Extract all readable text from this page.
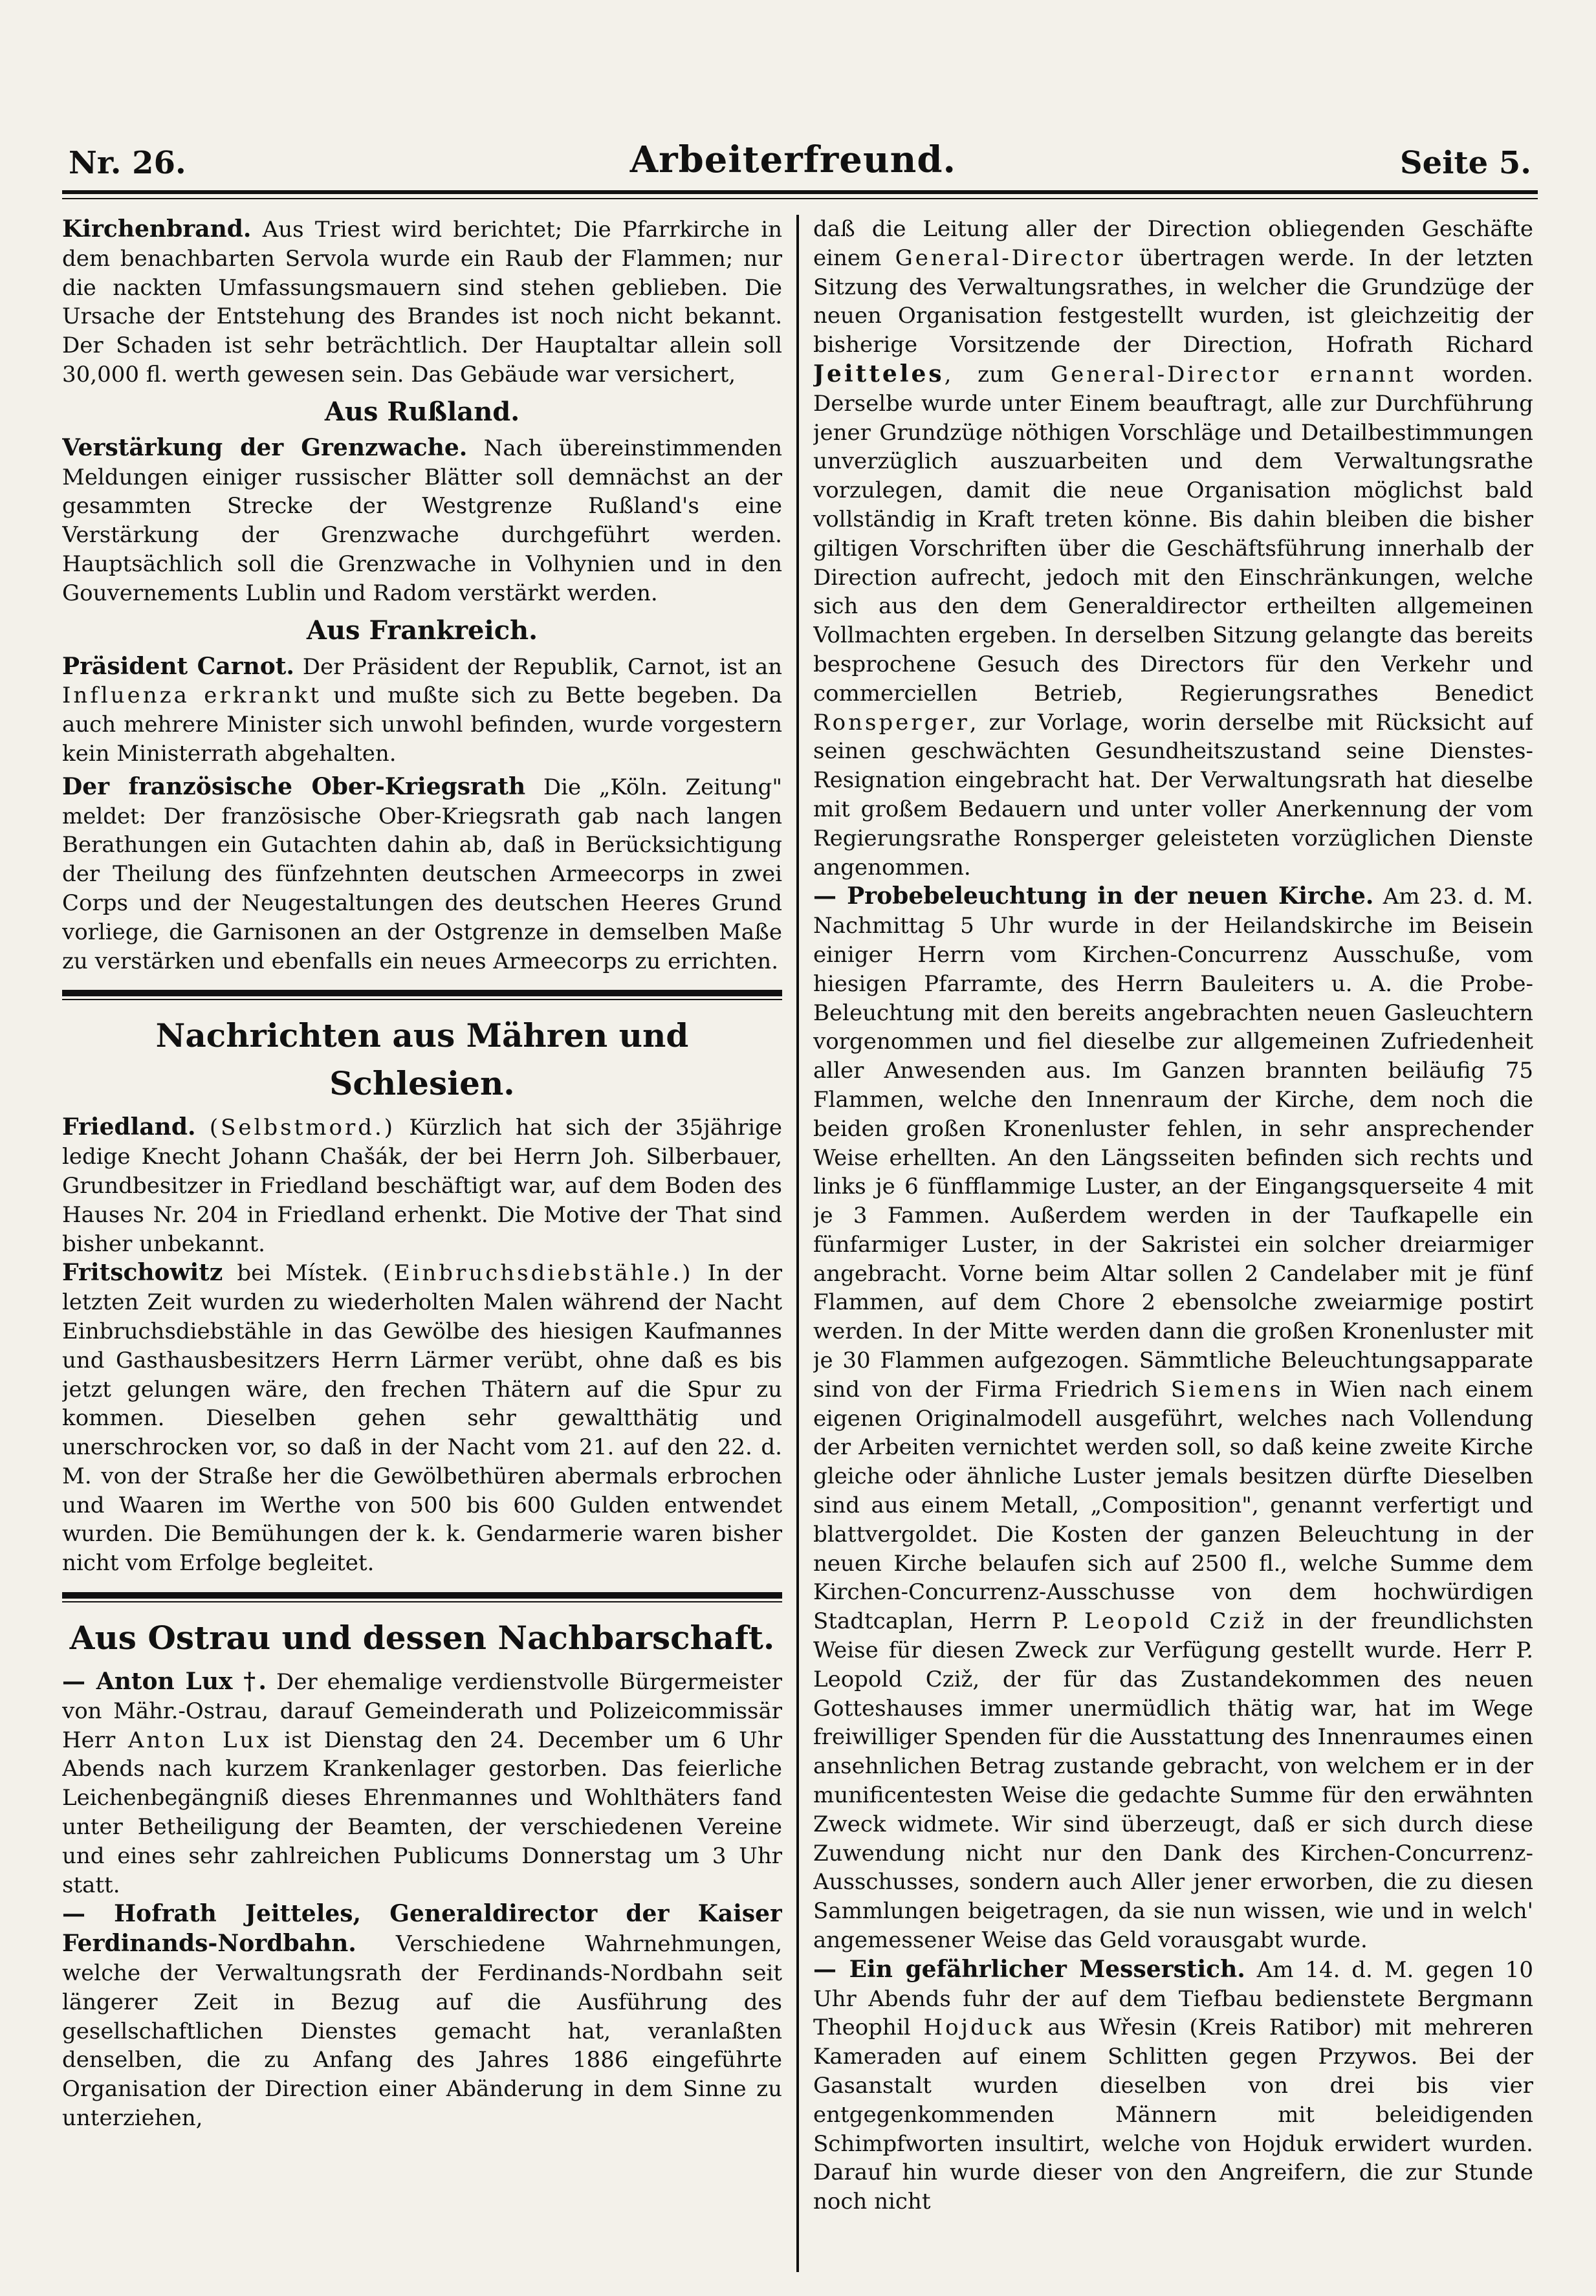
Nr. 26.	Arbeiterfreund.	Seite 5.

Kirchenbrand. Aus Triest wird berichtet; Die Pfarrkirche in dem benachbarten Servola wurde ein Raub der Flammen; nur die nackten Umfassungsmauern sind stehen geblieben. Die Ursache der Entstehung des Brandes ist noch nicht bekannt. Der Schaden ist sehr beträchtlich. Der Hauptaltar allein soll 30,000 fl. werth gewesen sein. Das Gebäude war versichert,

Aus Rußland.

Verstärkung der Grenzwache. Nach übereinstimmenden Meldungen einiger russischer Blätter soll demnächst an der gesammten Strecke der Westgrenze Rußland's eine Verstärkung der Grenzwache durchgeführt werden. Hauptsächlich soll die Grenzwache in Volhynien und in den Gouvernements Lublin und Radom verstärkt werden.

Aus Frankreich.

Präsident Carnot. Der Präsident der Republik, Carnot, ist an Influenza erkrankt und mußte sich zu Bette begeben. Da auch mehrere Minister sich unwohl befinden, wurde vorgestern kein Ministerrath abgehalten.

Der französische Ober-Kriegsrath Die „Köln. Zeitung" meldet: Der französische Ober-Kriegsrath gab nach langen Berathungen ein Gutachten dahin ab, daß in Berücksichtigung der Theilung des fünfzehnten deutschen Armeecorps in zwei Corps und der Neugestaltungen des deutschen Heeres Grund vorliege, die Garnisonen an der Ostgrenze in demselben Maße zu verstärken und ebenfalls ein neues Armeecorps zu errichten.

Nachrichten aus Mähren und Schlesien.

Friedland. (Selbstmord.) Kürzlich hat sich der 35jährige ledige Knecht Johann Chašák, der bei Herrn Joh. Silberbauer, Grundbesitzer in Friedland beschäftigt war, auf dem Boden des Hauses Nr. 204 in Friedland erhenkt. Die Motive der That sind bisher unbekannt.

Fritschowitz bei Místek. (Einbruchsdiebstähle.) In der letzten Zeit wurden zu wiederholten Malen während der Nacht Einbruchsdiebstähle in das Gewölbe des hiesigen Kaufmannes und Gasthausbesitzers Herrn Lärmer verübt, ohne daß es bis jetzt gelungen wäre, den frechen Thätern auf die Spur zu kommen. Dieselben gehen sehr gewaltthätig und unerschrocken vor, so daß in der Nacht vom 21. auf den 22. d. M. von der Straße her die Gewölbethüren abermals erbrochen und Waaren im Werthe von 500 bis 600 Gulden entwendet wurden. Die Bemühungen der k. k. Gendarmerie waren bisher nicht vom Erfolge begleitet.

Aus Ostrau und dessen Nachbarschaft.

— Anton Lux †. Der ehemalige verdienstvolle Bürgermeister von Mähr.-Ostrau, darauf Gemeinderath und Polizeicommissär Herr Anton Lux ist Dienstag den 24. December um 6 Uhr Abends nach kurzem Krankenlager gestorben. Das feierliche Leichenbegängniß dieses Ehrenmannes und Wohlthäters fand unter Betheiligung der Beamten, der verschiedenen Vereine und eines sehr zahlreichen Publicums Donnerstag um 3 Uhr statt.

— Hofrath Jeitteles, Generaldirector der Kaiser Ferdinands-Nordbahn. Verschiedene Wahrnehmungen, welche der Verwaltungsrath der Ferdinands-Nordbahn seit längerer Zeit in Bezug auf die Ausführung des gesellschaftlichen Dienstes gemacht hat, veranlaßten denselben, die zu Anfang des Jahres 1886 eingeführte Organisation der Direction einer Abänderung in dem Sinne zu unterziehen,

daß die Leitung aller der Direction obliegenden Geschäfte einem General-Director übertragen werde. In der letzten Sitzung des Verwaltungsrathes, in welcher die Grundzüge der neuen Organisation festgestellt wurden, ist gleichzeitig der bisherige Vorsitzende der Direction, Hofrath Richard Jeitteles, zum General-Director ernannt worden. Derselbe wurde unter Einem beauftragt, alle zur Durchführung jener Grundzüge nöthigen Vorschläge und Detailbestimmungen unverzüglich auszuarbeiten und dem Verwaltungsrathe vorzulegen, damit die neue Organisation möglichst bald vollständig in Kraft treten könne. Bis dahin bleiben die bisher giltigen Vorschriften über die Geschäftsführung innerhalb der Direction aufrecht, jedoch mit den Einschränkungen, welche sich aus den dem Generaldirector ertheilten allgemeinen Vollmachten ergeben. In derselben Sitzung gelangte das bereits besprochene Gesuch des Directors für den Verkehr und commerciellen Betrieb, Regierungsrathes Benedict Ronsperger, zur Vorlage, worin derselbe mit Rücksicht auf seinen geschwächten Gesundheitszustand seine Dienstes-Resignation eingebracht hat. Der Verwaltungsrath hat dieselbe mit großem Bedauern und unter voller Anerkennung der vom Regierungsrathe Ronsperger geleisteten vorzüglichen Dienste angenommen.

— Probebeleuchtung in der neuen Kirche. Am 23. d. M. Nachmittag 5 Uhr wurde in der Heilandskirche im Beisein einiger Herrn vom Kirchen-Concurrenz Ausschuße, vom hiesigen Pfarramte, des Herrn Bauleiters u. A. die Probe-Beleuchtung mit den bereits angebrachten neuen Gasleuchtern vorgenommen und fiel dieselbe zur allgemeinen Zufriedenheit aller Anwesenden aus. Im Ganzen brannten beiläufig 75 Flammen, welche den Innenraum der Kirche, dem noch die beiden großen Kronenluster fehlen, in sehr ansprechender Weise erhellten. An den Längsseiten befinden sich rechts und links je 6 fünfflammige Luster, an der Eingangsquerseite 4 mit je 3 Fammen. Außerdem werden in der Taufkapelle ein fünfarmiger Luster, in der Sakristei ein solcher dreiarmiger angebracht. Vorne beim Altar sollen 2 Candelaber mit je fünf Flammen, auf dem Chore 2 ebensolche zweiarmige postirt werden. In der Mitte werden dann die großen Kronenluster mit je 30 Flammen aufgezogen. Sämmtliche Beleuchtungsapparate sind von der Firma Friedrich Siemens in Wien nach einem eigenen Originalmodell ausgeführt, welches nach Vollendung der Arbeiten vernichtet werden soll, so daß keine zweite Kirche gleiche oder ähnliche Luster jemals besitzen dürfte Dieselben sind aus einem Metall, „Composition", genannt verfertigt und blattvergoldet. Die Kosten der ganzen Beleuchtung in der neuen Kirche belaufen sich auf 2500 fl., welche Summe dem Kirchen-Concurrenz-Ausschusse von dem hochwürdigen Stadtcaplan, Herrn P. Leopold Cziž in der freundlichsten Weise für diesen Zweck zur Verfügung gestellt wurde. Herr P. Leopold Cziž, der für das Zustandekommen des neuen Gotteshauses immer unermüdlich thätig war, hat im Wege freiwilliger Spenden für die Ausstattung des Innenraumes einen ansehnlichen Betrag zustande gebracht, von welchem er in der munificentesten Weise die gedachte Summe für den erwähnten Zweck widmete. Wir sind überzeugt, daß er sich durch diese Zuwendung nicht nur den Dank des Kirchen-Concurrenz-Ausschusses, sondern auch Aller jener erworben, die zu diesen Sammlungen beigetragen, da sie nun wissen, wie und in welch' angemessener Weise das Geld vorausgabt wurde.

— Ein gefährlicher Messerstich. Am 14. d. M. gegen 10 Uhr Abends fuhr der auf dem Tiefbau bedienstete Bergmann Theophil Hojduck aus Wřesin (Kreis Ratibor) mit mehreren Kameraden auf einem Schlitten gegen Przywos. Bei der Gasanstalt wurden dieselben von drei bis vier entgegenkommenden Männern mit beleidigenden Schimpfworten insultirt, welche von Hojduk erwidert wurden. Darauf hin wurde dieser von den Angreifern, die zur Stunde noch nicht
